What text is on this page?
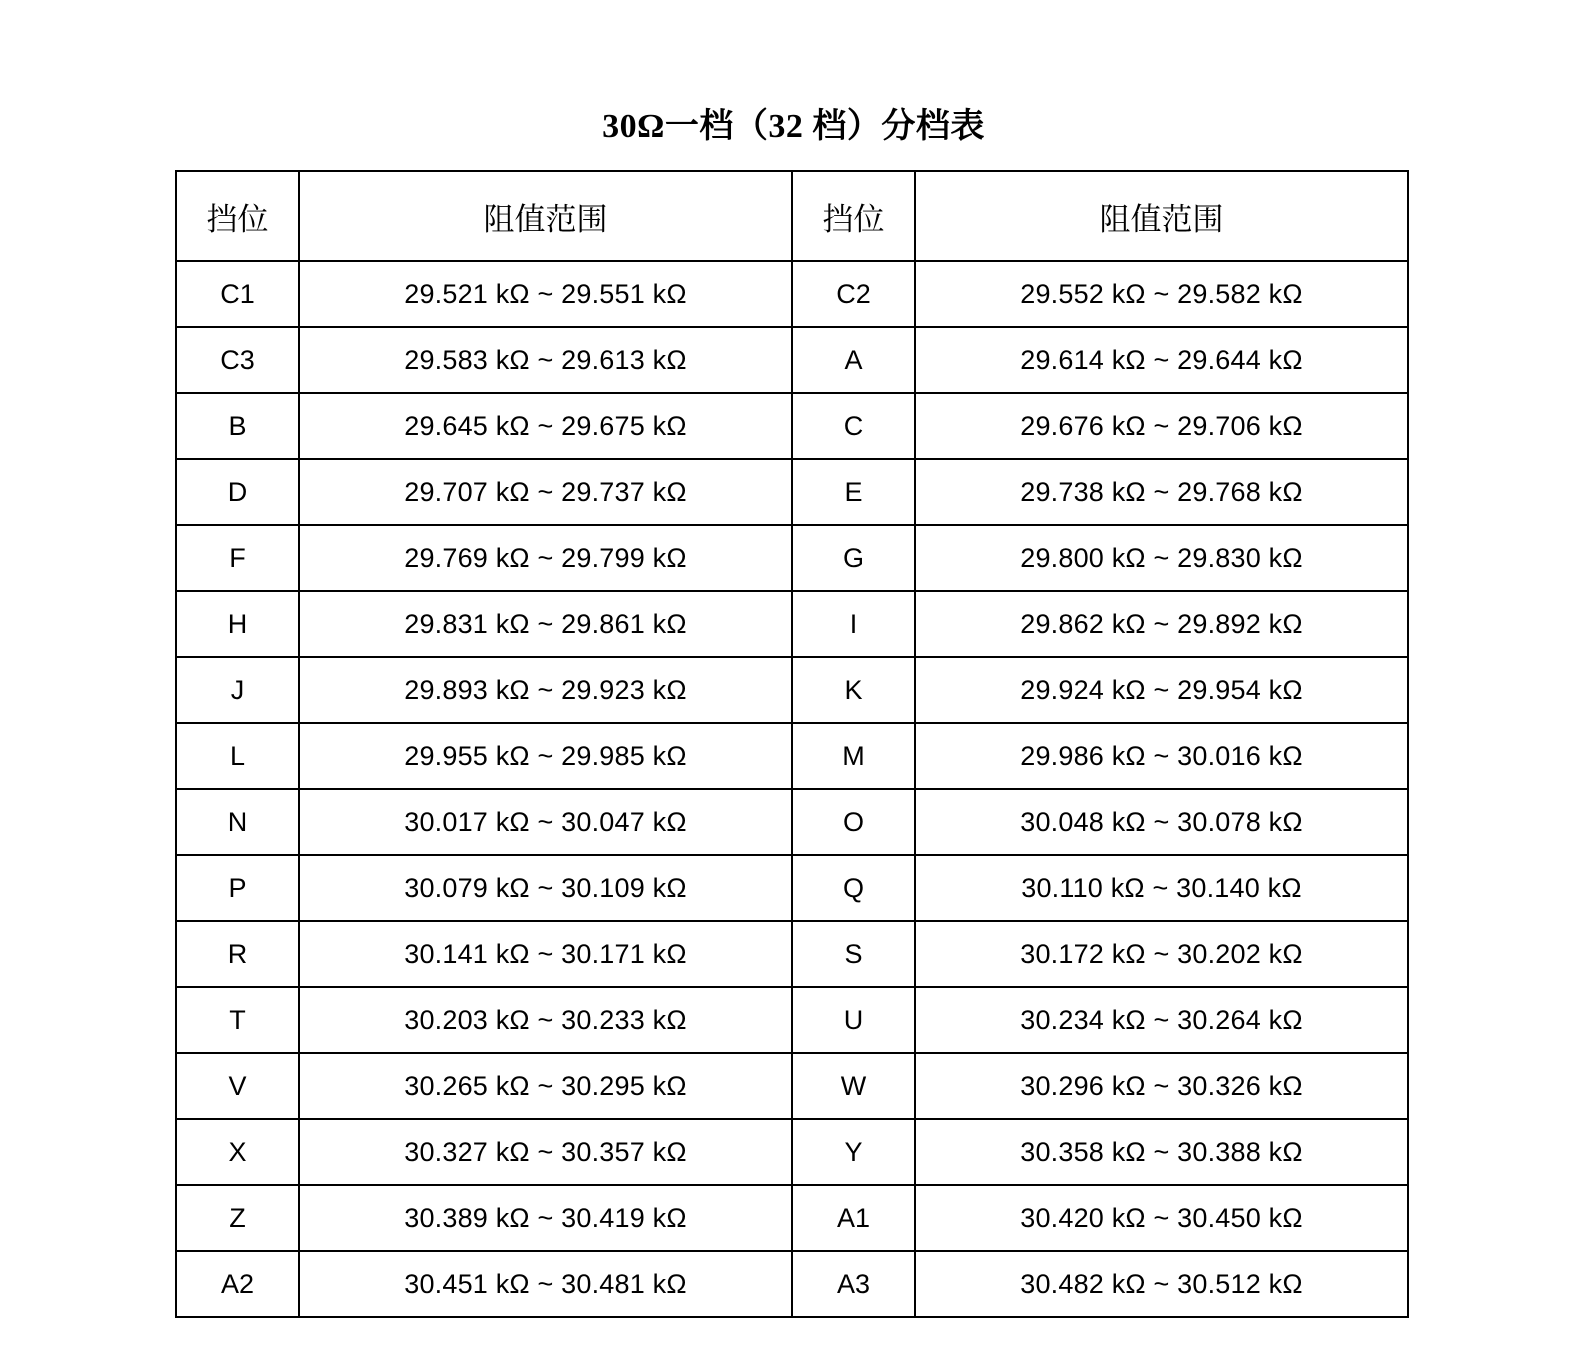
30Ω一档（32 档）分档表
挡位	阻值范围	挡位	阻值范围
C1	29.521 kΩ ~ 29.551 kΩ	C2	29.552 kΩ ~ 29.582 kΩ
C3	29.583 kΩ ~ 29.613 kΩ	A	29.614 kΩ ~ 29.644 kΩ
B	29.645 kΩ ~ 29.675 kΩ	C	29.676 kΩ ~ 29.706 kΩ
D	29.707 kΩ ~ 29.737 kΩ	E	29.738 kΩ ~ 29.768 kΩ
F	29.769 kΩ ~ 29.799 kΩ	G	29.800 kΩ ~ 29.830 kΩ
H	29.831 kΩ ~ 29.861 kΩ	I	29.862 kΩ ~ 29.892 kΩ
J	29.893 kΩ ~ 29.923 kΩ	K	29.924 kΩ ~ 29.954 kΩ
L	29.955 kΩ ~ 29.985 kΩ	M	29.986 kΩ ~ 30.016 kΩ
N	30.017 kΩ ~ 30.047 kΩ	O	30.048 kΩ ~ 30.078 kΩ
P	30.079 kΩ ~ 30.109 kΩ	Q	30.110 kΩ ~ 30.140 kΩ
R	30.141 kΩ ~ 30.171 kΩ	S	30.172 kΩ ~ 30.202 kΩ
T	30.203 kΩ ~ 30.233 kΩ	U	30.234 kΩ ~ 30.264 kΩ
V	30.265 kΩ ~ 30.295 kΩ	W	30.296 kΩ ~ 30.326 kΩ
X	30.327 kΩ ~ 30.357 kΩ	Y	30.358 kΩ ~ 30.388 kΩ
Z	30.389 kΩ ~ 30.419 kΩ	A1	30.420 kΩ ~ 30.450 kΩ
A2	30.451 kΩ ~ 30.481 kΩ	A3	30.482 kΩ ~ 30.512 kΩ
